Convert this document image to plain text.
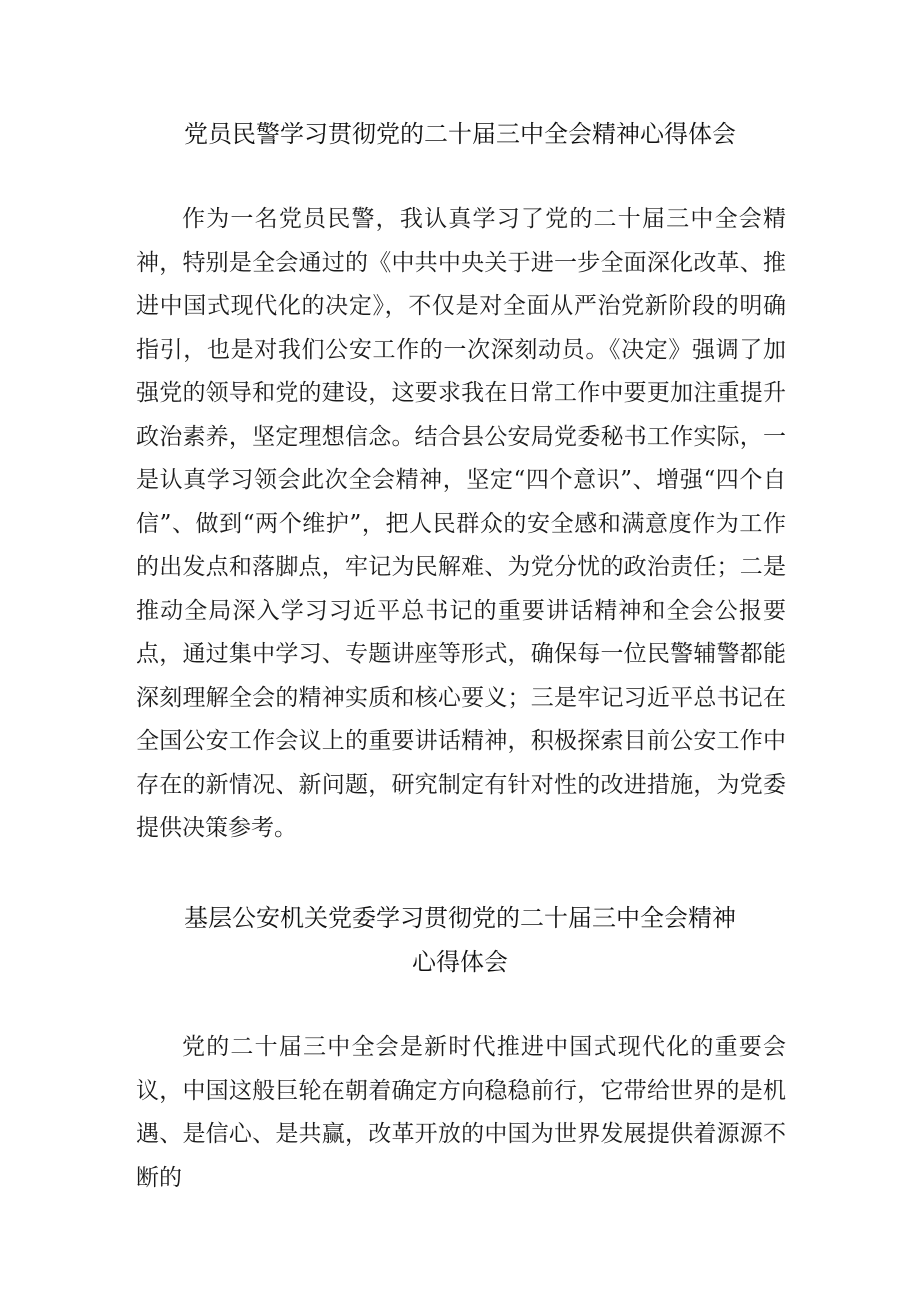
党员民警学习贯彻党的二十届三中全会精神心得体会

作为一名党员民警，我认真学习了党的二十届三中全会精神，特别是全会通过的《中共中央关于进一步全面深化改革、推进中国式现代化的决定》，不仅是对全面从严治党新阶段的明确指引，也是对我们公安工作的一次深刻动员。《决定》强调了加强党的领导和党的建设，这要求我在日常工作中要更加注重提升政治素养，坚定理想信念。结合县公安局党委秘书工作实际，一是认真学习领会此次全会精神，坚定“四个意识”、增强“四个自信”、做到“两个维护”，把人民群众的安全感和满意度作为工作的出发点和落脚点，牢记为民解难、为党分忧的政治责任；二是推动全局深入学习习近平总书记的重要讲话精神和全会公报要点，通过集中学习、专题讲座等形式，确保每一位民警辅警都能深刻理解全会的精神实质和核心要义；三是牢记习近平总书记在全国公安工作会议上的重要讲话精神，积极探索目前公安工作中存在的新情况、新问题，研究制定有针对性的改进措施，为党委提供决策参考。

基层公安机关党委学习贯彻党的二十届三中全会精神
心得体会

党的二十届三中全会是新时代推进中国式现代化的重要会议，中国这般巨轮在朝着确定方向稳稳前行，它带给世界的是机遇、是信心、是共赢，改革开放的中国为世界发展提供着源源不断的
